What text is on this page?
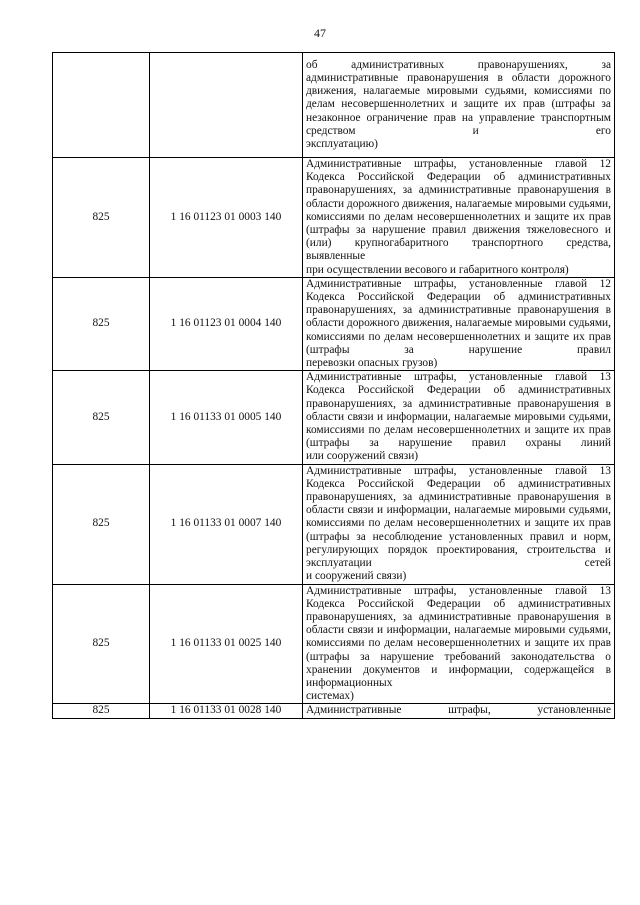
47
		об административных правонарушениях, за административные правонарушения в области дорожного движения, налагаемые мировыми судьями, комиссиями по делам несовершеннолетних и защите их прав (штрафы за незаконное ограничение прав на управление транспортным средством и его
эксплуатацию)

825	1 16 01123 01 0003 140	Административные штрафы, установленные главой 12 Кодекса Российской Федерации об административных правонарушениях, за административные правонарушения в области дорожного движения, налагаемые мировыми судьями, комиссиями по делам несовершеннолетних и защите их прав (штрафы за нарушение правил движения тяжеловесного и (или) крупногабаритного транспортного средства, выявленные
при осуществлении весового и габаритного контроля)

825	1 16 01123 01 0004 140	Административные штрафы, установленные главой 12 Кодекса Российской Федерации об административных правонарушениях, за административные правонарушения в области дорожного движения, налагаемые мировыми судьями, комиссиями по делам несовершеннолетних и защите их прав (штрафы за нарушение правил
перевозки опасных грузов)

825	1 16 01133 01 0005 140	Административные штрафы, установленные главой 13 Кодекса Российской Федерации об административных правонарушениях, за административные правонарушения в области связи и информации, налагаемые мировыми судьями, комиссиями по делам несовершеннолетних и защите их прав (штрафы за нарушение правил охраны линий
или сооружений связи)

825	1 16 01133 01 0007 140	Административные штрафы, установленные главой 13 Кодекса Российской Федерации об административных правонарушениях, за административные правонарушения в области связи и информации, налагаемые мировыми судьями, комиссиями по делам несовершеннолетних и защите их прав (штрафы за несоблюдение установленных правил и норм, регулирующих порядок проектирования, строительства и эксплуатации сетей
и сооружений связи)

825	1 16 01133 01 0025 140	Административные штрафы, установленные главой 13 Кодекса Российской Федерации об административных правонарушениях, за административные правонарушения в области связи и информации, налагаемые мировыми судьями, комиссиями по делам несовершеннолетних и защите их прав (штрафы за нарушение требований законодательства о хранении документов и информации, содержащейся в информационных
системах)

825	1 16 01133 01 0028 140	Административные штрафы, установленные
